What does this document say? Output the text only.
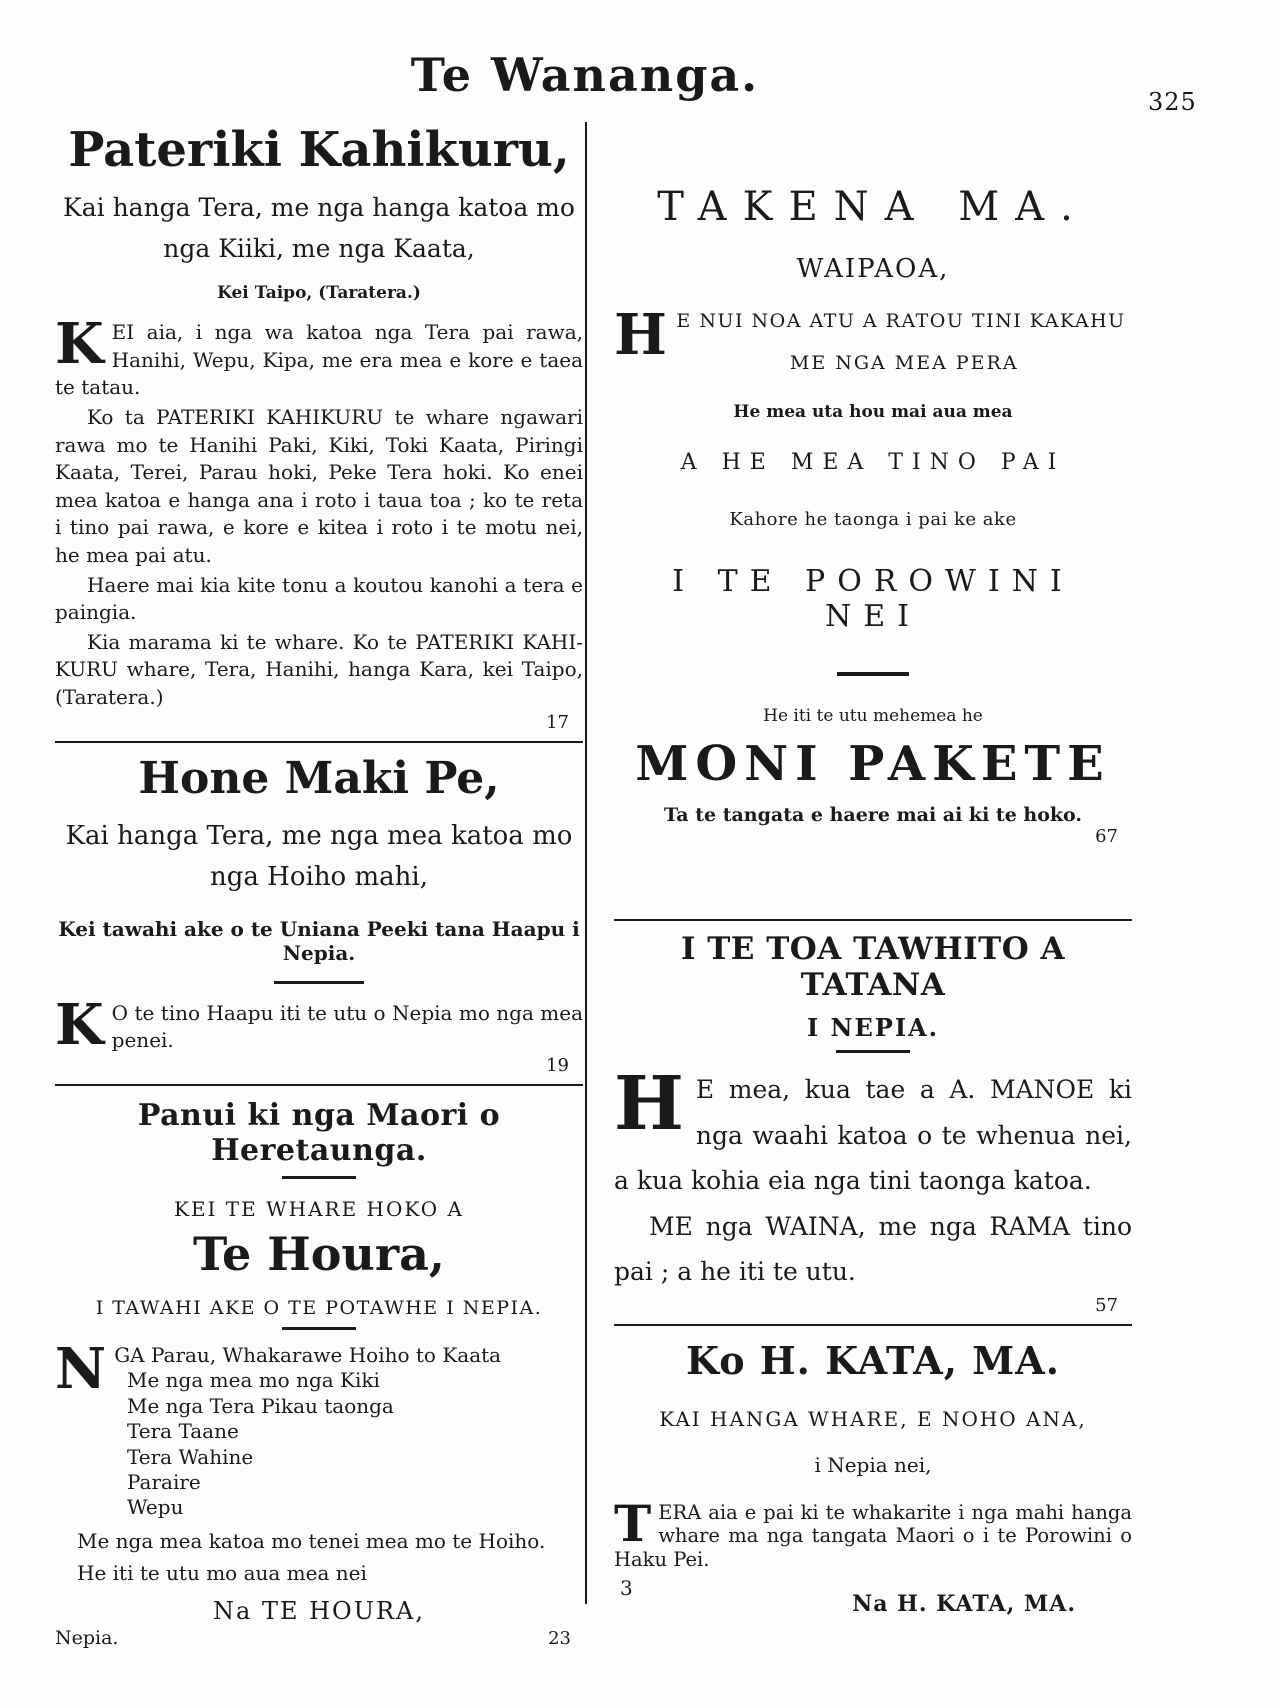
Te Wananga.	325
Pateriki Kahikuru,
Kai hanga Tera, me nga hanga katoa mo nga Kiiki, me nga Kaata,
Kei Taipo, (Taratera.)

KEI aia, i nga wa katoa nga Tera pai rawa, Hanihi, Wepu, Kipa, me era mea e kore e taea te tatau.

Ko ta PATERIKI KAHIKURU te whare ngawari rawa mo te Hanihi Paki, Kiki, Toki Kaata, Piringi Kaata, Terei, Parau hoki, Peke Tera hoki. Ko enei mea katoa e hanga ana i roto i taua toa ; ko te reta i tino pai rawa, e kore e kitea i roto i te motu nei, he mea pai atu.

Haere mai kia kite tonu a koutou kanohi a tera e paingia.

Kia marama ki te whare. Ko te PATERIKI KAHI-KURU whare, Tera, Hanihi, hanga Kara, kei Taipo, (Taratera.)

17
Hone Maki Pe,
Kai hanga Tera, me nga mea katoa mo nga Hoiho mahi,
Kei tawahi ake o te Uniana Peeki tana Haapu i Nepia.

K O te tino Haapu iti te utu o Nepia mo nga mea penei.

19
Panui ki nga Maori o Heretaunga.
KEI TE WHARE HOKO A
Te Houra,
I TAWAHI AKE O TE POTAWHE I NEPIA.
NGA Parau, Whakarawe Hoiho to Kaata
Me nga mea mo nga Kiki
Me nga Tera Pikau taonga
Tera Taane
Tera Wahine
Paraire
Wepu
Me nga mea katoa mo tenei mea mo te Hoiho.
He iti te utu mo aua mea nei
Na TE HOURA,
Nepia.	23
TAKENA MA.
WAIPAOA,
H E NUI NOA ATU A RATOU TINI KAKAHU
ME NGA MEA PERA
He mea uta hou mai aua mea
A HE MEA TINO PAI
Kahore he taonga i pai ke ake
I TE POROWINI NEI
He iti te utu mehemea he
MONI PAKETE
Ta te tangata e haere mai ai ki te hoko.
67
I TE TOA TAWHITO A TATANA
I NEPIA.

H E mea, kua tae a A. MANOE ki nga waahi katoa o te whenua nei, a kua kohia eia nga tini taonga katoa.

ME nga WAINA, me nga RAMA tino pai ; a he iti te utu.

57
Ko H. KATA, MA.
KAI HANGA WHARE, E NOHO ANA,
i Nepia nei,

TERA aia e pai ki te whakarite i nga mahi hanga whare ma nga tangata Maori o i te Porowini o Haku Pei.

Na H. KATA, MA.
3
